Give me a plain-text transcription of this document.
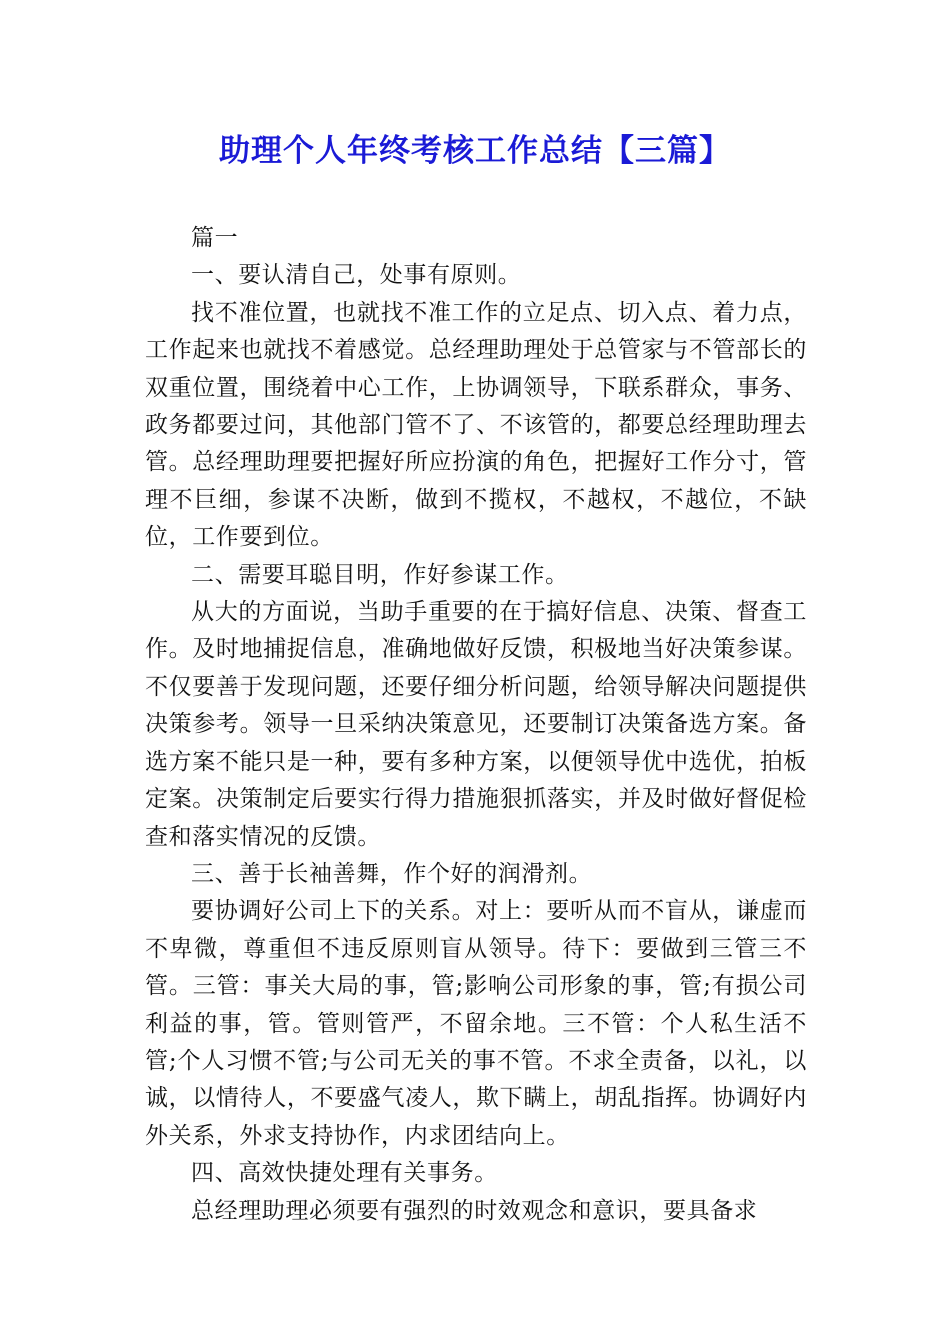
助理个人年终考核工作总结【三篇】

篇一

一、要认清自己，处事有原则。

找不准位置，也就找不准工作的立足点、切入点、着力点，工作起来也就找不着感觉。总经理助理处于总管家与不管部长的双重位置，围绕着中心工作，上协调领导，下联系群众，事务、政务都要过问，其他部门管不了、不该管的，都要总经理助理去管。总经理助理要把握好所应扮演的角色，把握好工作分寸，管理不巨细，参谋不决断，做到不揽权，不越权，不越位，不缺位，工作要到位。

二、需要耳聪目明，作好参谋工作。

从大的方面说，当助手重要的在于搞好信息、决策、督查工作。及时地捕捉信息，准确地做好反馈，积极地当好决策参谋。不仅要善于发现问题，还要仔细分析问题，给领导解决问题提供决策参考。领导一旦采纳决策意见，还要制订决策备选方案。备选方案不能只是一种，要有多种方案，以便领导优中选优，拍板定案。决策制定后要实行得力措施狠抓落实，并及时做好督促检查和落实情况的反馈。

三、善于长袖善舞，作个好的润滑剂。

要协调好公司上下的关系。对上：要听从而不盲从，谦虚而不卑微，尊重但不违反原则盲从领导。待下：要做到三管三不管。三管：事关大局的事，管;影响公司形象的事，管;有损公司利益的事，管。管则管严，不留余地。三不管：个人私生活不管;个人习惯不管;与公司无关的事不管。不求全责备，以礼，以诚，以情待人，不要盛气凌人，欺下瞒上，胡乱指挥。协调好内外关系，外求支持协作，内求团结向上。

四、高效快捷处理有关事务。

总经理助理必须要有强烈的时效观念和意识，要具备求
